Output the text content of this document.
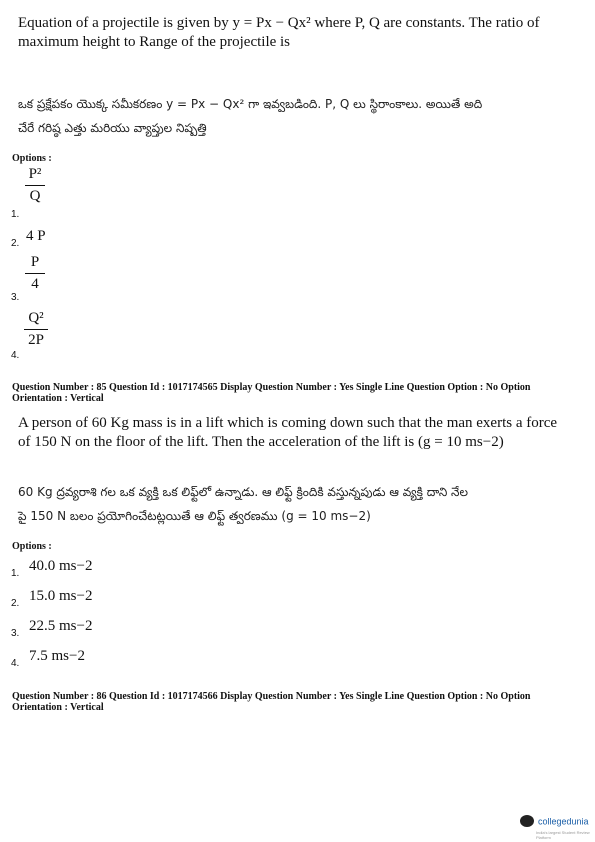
Equation of a projectile is given by y = Px − Qx² where P, Q are constants. The ratio of
maximum height to Range of the projectile is
ఒక ప్రక్షేపకం యొక్క సమీకరణం y = Px − Qx² గా ఇవ్వబడింది. P, Q లు స్థిరాంకాలు. అయితే అది
చేరే గరిష్ఠ ఎత్తు మరియు వ్యాప్తుల నిష్పత్తి
Options :
1.
P²
Q
2. 4 P
3.
P
4
4.
Q²
2P
Question Number : 85 Question Id : 1017174565 Display Question Number : Yes Single Line Question Option : No Option
Orientation : Vertical
A person of 60 Kg mass is in a lift which is coming down such that the man exerts a force
of 150 N on the floor of the lift. Then the acceleration of the lift is (g = 10 ms−2)
60 Kg ద్రవ్యరాశి గల ఒక వ్యక్తి ఒక లిఫ్ట్‌లో ఉన్నాడు. ఆ లిఫ్ట్ క్రిందికి వస్తున్నపుడు ఆ వ్యక్తి దాని నేల
పై 150 N బలం ప్రయోగించేటట్లయితే ఆ లిఫ్ట్ త్వరణము (g = 10 ms−2)
Options :
1. 40.0 ms−2
2. 15.0 ms−2
3. 22.5 ms−2
4. 7.5 ms−2
Question Number : 86 Question Id : 1017174566 Display Question Number : Yes Single Line Question Option : No Option
Orientation : Vertical
collegedunia
India's largest Student Review Platform
